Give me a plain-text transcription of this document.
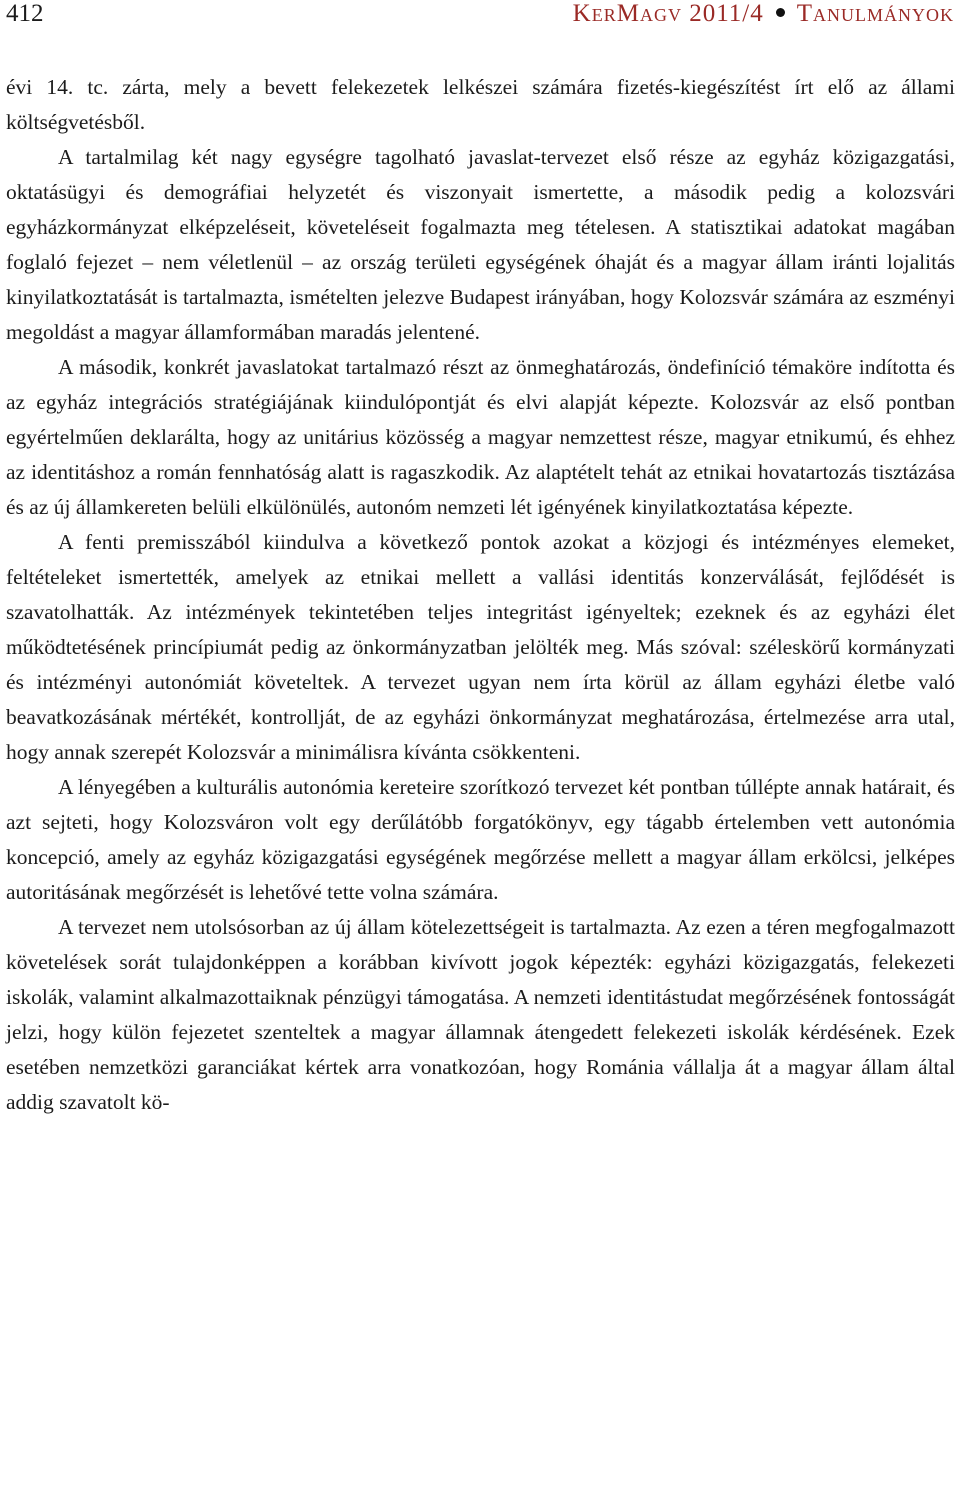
412	KerMagv 2011/4 Tanulmányok

évi 14. tc. zárta, mely a bevett felekezetek lelkészei számára fizetés-kiegészítést írt elő az állami költségvetésből.

A tartalmilag két nagy egységre tagolható javaslat-tervezet első része az egyház közigazgatási, oktatásügyi és demográfiai helyzetét és viszonyait ismertette, a második pedig a kolozsvári egyházkormányzat elképzeléseit, követeléseit fogalmazta meg tételesen. A statisztikai adatokat magában foglaló fejezet – nem véletlenül – az ország területi egységének óhaját és a magyar állam iránti lojalitás kinyilatkoztatását is tartalmazta, ismételten jelezve Budapest irányában, hogy Kolozsvár számára az eszményi megoldást a magyar államformában maradás jelentené.

A második, konkrét javaslatokat tartalmazó részt az önmeghatározás, öndefiníció témaköre indította és az egyház integrációs stratégiájának kiindulópontját és elvi alapját képezte. Kolozsvár az első pontban egyértelműen deklarálta, hogy az unitárius közösség a magyar nemzettest része, magyar etnikumú, és ehhez az identitáshoz a román fennhatóság alatt is ragaszkodik. Az alaptételt tehát az etnikai hovatartozás tisztázása és az új államkereten belüli elkülönülés, autonóm nemzeti lét igényének kinyilatkoztatása képezte.

A fenti premisszából kiindulva a következő pontok azokat a közjogi és intézményes elemeket, feltételeket ismertették, amelyek az etnikai mellett a vallási identitás konzerválását, fejlődését is szavatolhatták. Az intézmények tekintetében teljes integritást igényeltek; ezeknek és az egyházi élet működtetésének princípiumát pedig az önkormányzatban jelölték meg. Más szóval: széleskörű kormányzati és intézményi autonómiát követeltek. A tervezet ugyan nem írta körül az állam egyházi életbe való beavatkozásának mértékét, kontrollját, de az egyházi önkormányzat meghatározása, értelmezése arra utal, hogy annak szerepét Kolozsvár a minimálisra kívánta csökkenteni.

A lényegében a kulturális autonómia kereteire szorítkozó tervezet két pontban túllépte annak határait, és azt sejteti, hogy Kolozsváron volt egy derűlátóbb forgatókönyv, egy tágabb értelemben vett autonómia koncepció, amely az egyház közigazgatási egységének megőrzése mellett a magyar állam erkölcsi, jelképes autoritásának megőrzését is lehetővé tette volna számára.

A tervezet nem utolsósorban az új állam kötelezettségeit is tartalmazta. Az ezen a téren megfogalmazott követelések sorát tulajdonképpen a korábban kivívott jogok képezték: egyházi közigazgatás, felekezeti iskolák, valamint alkalmazottaiknak pénzügyi támogatása. A nemzeti identitástudat megőrzésének fontosságát jelzi, hogy külön fejezetet szenteltek a magyar államnak átengedett felekezeti iskolák kérdésének. Ezek esetében nemzetközi garanciákat kértek arra vonatkozóan, hogy Románia vállalja át a magyar állam által addig szavatolt kö-
